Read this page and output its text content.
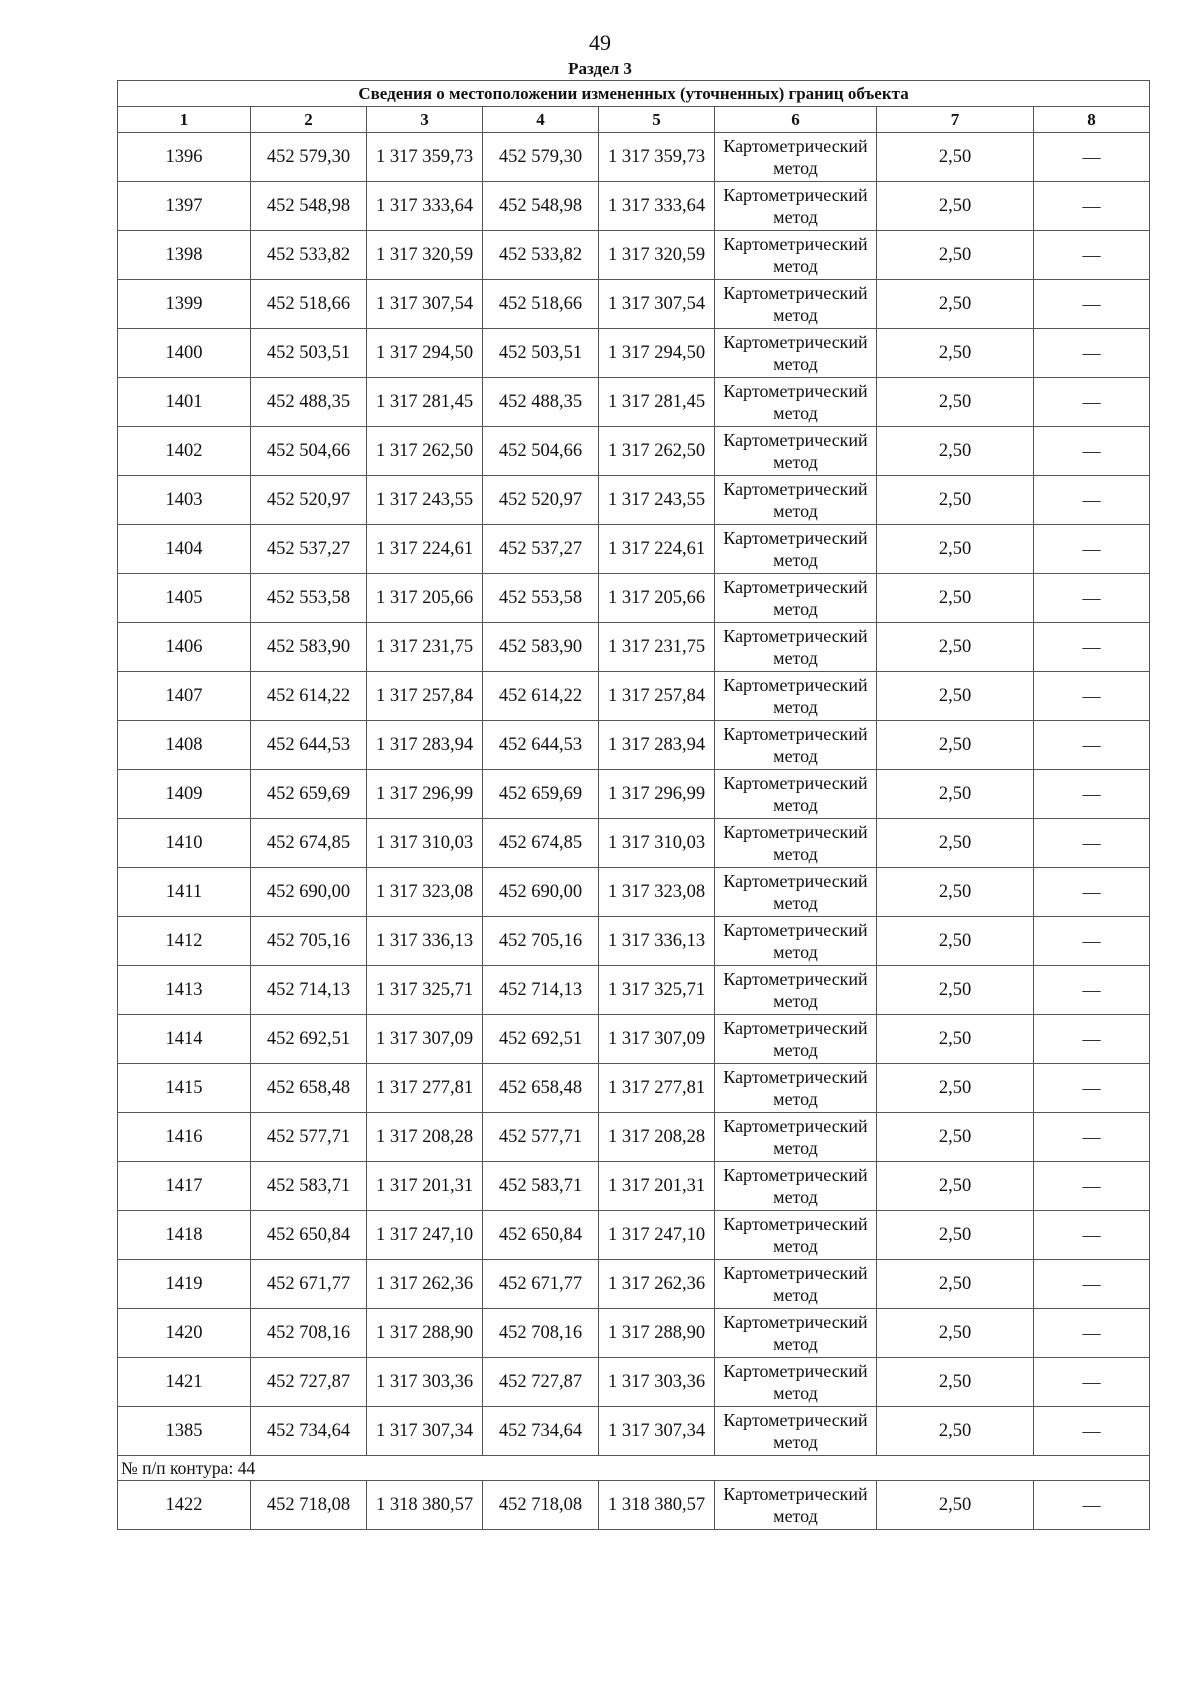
49
Раздел 3
Сведения о местоположении измененных (уточненных) границ объекта							
1	2	3	4	5	6	7	8
1396	452 579,30	1 317 359,73	452 579,30	1 317 359,73	Картометрический метод	2,50	—
1397	452 548,98	1 317 333,64	452 548,98	1 317 333,64	Картометрический метод	2,50	—
1398	452 533,82	1 317 320,59	452 533,82	1 317 320,59	Картометрический метод	2,50	—
1399	452 518,66	1 317 307,54	452 518,66	1 317 307,54	Картометрический метод	2,50	—
1400	452 503,51	1 317 294,50	452 503,51	1 317 294,50	Картометрический метод	2,50	—
1401	452 488,35	1 317 281,45	452 488,35	1 317 281,45	Картометрический метод	2,50	—
1402	452 504,66	1 317 262,50	452 504,66	1 317 262,50	Картометрический метод	2,50	—
1403	452 520,97	1 317 243,55	452 520,97	1 317 243,55	Картометрический метод	2,50	—
1404	452 537,27	1 317 224,61	452 537,27	1 317 224,61	Картометрический метод	2,50	—
1405	452 553,58	1 317 205,66	452 553,58	1 317 205,66	Картометрический метод	2,50	—
1406	452 583,90	1 317 231,75	452 583,90	1 317 231,75	Картометрический метод	2,50	—
1407	452 614,22	1 317 257,84	452 614,22	1 317 257,84	Картометрический метод	2,50	—
1408	452 644,53	1 317 283,94	452 644,53	1 317 283,94	Картометрический метод	2,50	—
1409	452 659,69	1 317 296,99	452 659,69	1 317 296,99	Картометрический метод	2,50	—
1410	452 674,85	1 317 310,03	452 674,85	1 317 310,03	Картометрический метод	2,50	—
1411	452 690,00	1 317 323,08	452 690,00	1 317 323,08	Картометрический метод	2,50	—
1412	452 705,16	1 317 336,13	452 705,16	1 317 336,13	Картометрический метод	2,50	—
1413	452 714,13	1 317 325,71	452 714,13	1 317 325,71	Картометрический метод	2,50	—
1414	452 692,51	1 317 307,09	452 692,51	1 317 307,09	Картометрический метод	2,50	—
1415	452 658,48	1 317 277,81	452 658,48	1 317 277,81	Картометрический метод	2,50	—
1416	452 577,71	1 317 208,28	452 577,71	1 317 208,28	Картометрический метод	2,50	—
1417	452 583,71	1 317 201,31	452 583,71	1 317 201,31	Картометрический метод	2,50	—
1418	452 650,84	1 317 247,10	452 650,84	1 317 247,10	Картометрический метод	2,50	—
1419	452 671,77	1 317 262,36	452 671,77	1 317 262,36	Картометрический метод	2,50	—
1420	452 708,16	1 317 288,90	452 708,16	1 317 288,90	Картометрический метод	2,50	—
1421	452 727,87	1 317 303,36	452 727,87	1 317 303,36	Картометрический метод	2,50	—
1385	452 734,64	1 317 307,34	452 734,64	1 317 307,34	Картометрический метод	2,50	—
№ п/п контура: 44							
1422	452 718,08	1 318 380,57	452 718,08	1 318 380,57	Картометрический метод	2,50	—
